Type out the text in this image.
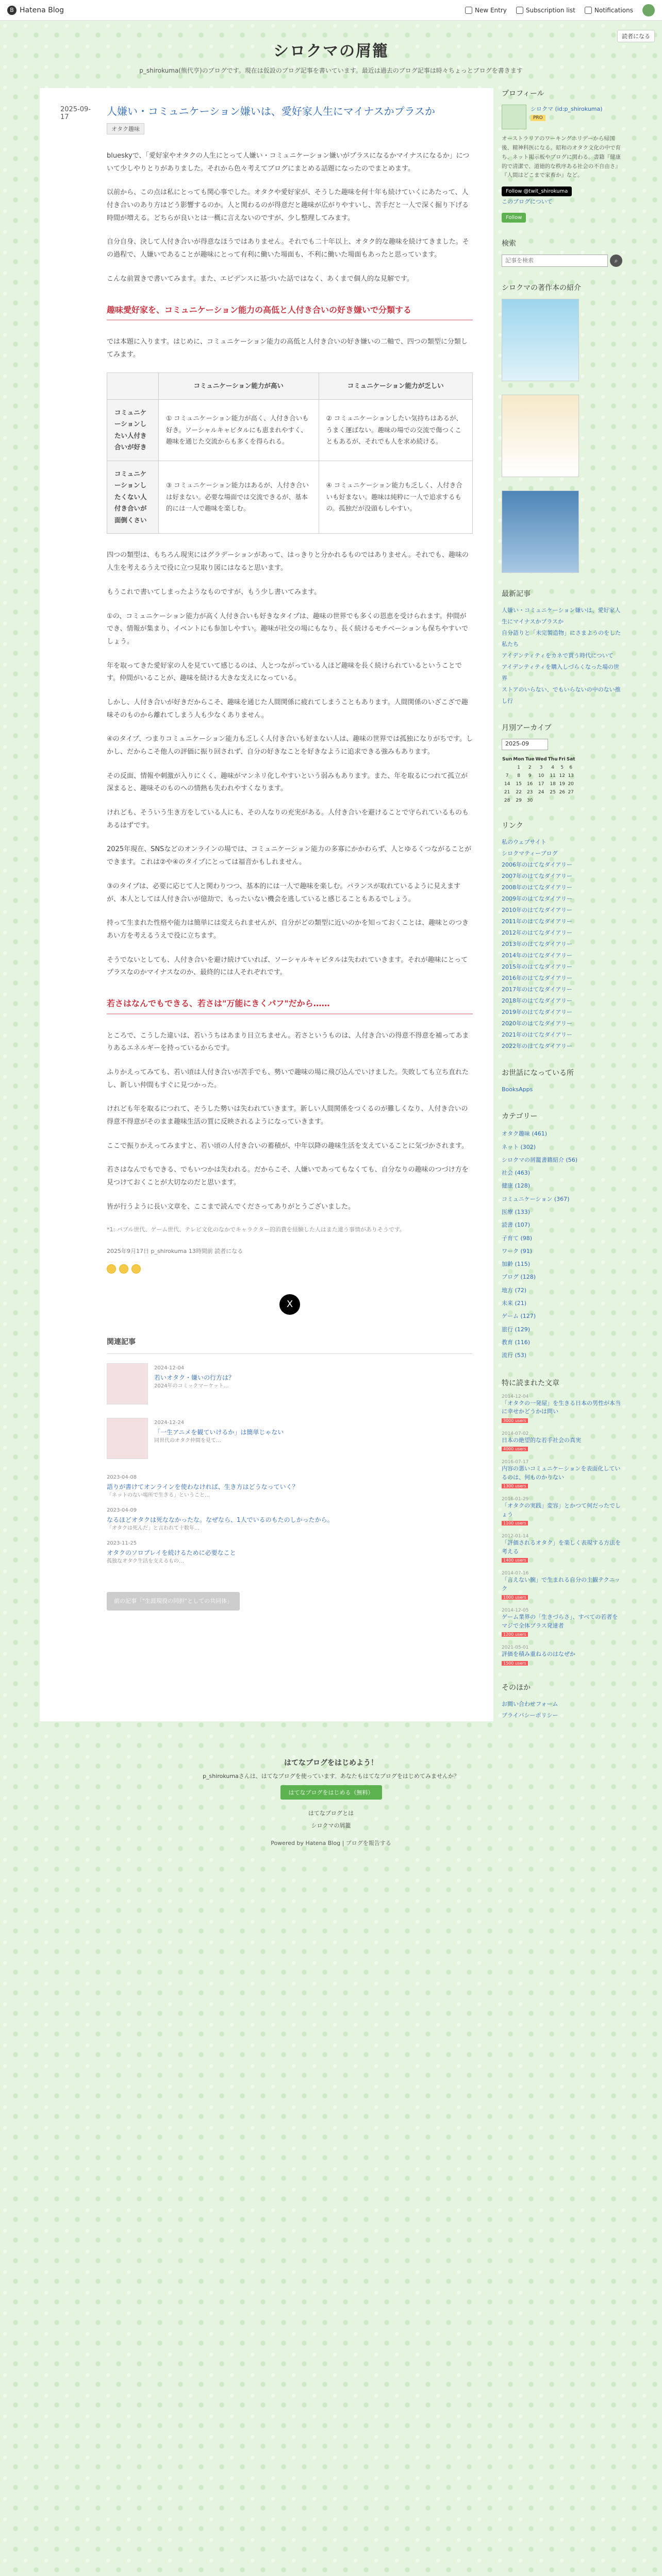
B Hatena Blog	New Entry	Subscription list	Notifications
読者になる
シロクマの屑籠
p_shirokuma(熊代亨)のブログです。現在は仮設のブログ記事を書いています。最近は過去のブログ記事は時々ちょっとブログを書きます
2025-09-17	人嫌い・コミュニケーション嫌いは、愛好家人生にマイナスかプラスか
オタク趣味

blueskyで、「愛好家やオタクの人生にとって人嫌い・コミュニケーション嫌いがプラスになるかマイナスになるか」について少しやりとりがありました。それから色々考えてブログにまとめる話題になったのでまとめます。

以前から、この点は私にとっても関心事でした。オタクや愛好家が、そうした趣味を何十年も続けていくにあたって、人付き合いのあり方はどう影響するのか。人と関わるのが得意だと趣味が広がりやすいし、苦手だと一人で深く掘り下げる時間が増える。どちらが良いとは一概に言えないのですが、少し整理してみます。

自分自身、決して人付き合いが得意なほうではありません。それでも二十年以上、オタク的な趣味を続けてきました。その過程で、人嫌いであることが趣味にとって有利に働いた場面も、不利に働いた場面もあったと思っています。

こんな前置きで書いてみます。また、エビデンスに基づいた話ではなく、あくまで個人的な見解です。

趣味愛好家を、コミュニケーション能力の高低と人付き合いの好き嫌いで分類する

では本題に入ります。はじめに、コミュニケーション能力の高低と人付き合いの好き嫌いの二軸で、四つの類型に分類してみます。

	コミュニケーション能力が高い	コミュニケーション能力が乏しい
コミュニケーションしたい人付き合いが好き	① コミュニケーション能力が高く、人付き合いも好き。ソーシャルキャピタルにも恵まれやすく、趣味を通じた交流からも多くを得られる。	② コミュニケーションしたい気持ちはあるが、うまく運ばない。趣味の場での交流で傷つくこともあるが、それでも人を求め続ける。
コミュニケーションしたくない人付き合いが面倒くさい	③ コミュニケーション能力はあるが、人付き合いは好まない。必要な場面では交流できるが、基本的には一人で趣味を楽しむ。	④ コミュニケーション能力も乏しく、人付き合いも好まない。趣味は純粋に一人で追求するもの。孤独だが没頭もしやすい。

四つの類型は、もちろん現実にはグラデーションがあって、はっきりと分かれるものではありません。それでも、趣味の人生を考えるうえで役に立つ見取り図にはなると思います。

もうこれで書いてしまったようなものですが、もう少し書いてみます。

①の、コミュニケーション能力が高く人付き合いも好きなタイプは、趣味の世界でも多くの恩恵を受けられます。仲間ができ、情報が集まり、イベントにも参加しやすい。趣味が社交の場にもなり、長く続けるモチベーションも保ちやすいでしょう。

年を取ってきた愛好家の人を見ていて感じるのは、人とつながっている人ほど趣味を長く続けられているということです。仲間がいることが、趣味を続ける大きな支えになっている。

しかし、人付き合いが好きだからこそ、趣味を通じた人間関係に疲れてしまうこともあります。人間関係のいざこざで趣味そのものから離れてしまう人も少なくありません。

④のタイプ、つまりコミュニケーション能力も乏しく人付き合いも好まない人は、趣味の世界では孤独になりがちです。しかし、だからこそ他人の評価に振り回されず、自分の好きなことを好きなように追求できる強みもあります。

その反面、情報や刺激が入りにくく、趣味がマンネリ化しやすいという弱みもあります。また、年を取るにつれて孤立が深まると、趣味そのものへの情熱も失われやすくなります。

けれども、そういう生き方をしている人にも、その人なりの充実がある。人付き合いを避けることで守られているものもあるはずです。

2025年現在、SNSなどのオンラインの場では、コミュニケーション能力の多寡にかかわらず、人とゆるくつながることができます。これは②や④のタイプにとっては福音かもしれません。

③のタイプは、必要に応じて人と関わりつつ、基本的には一人で趣味を楽しむ。バランスが取れているように見えますが、本人としては人付き合いが億劫で、もったいない機会を逃していると感じることもあるでしょう。

持って生まれた性格や能力は簡単には変えられませんが、自分がどの類型に近いのかを知っておくことは、趣味とのつきあい方を考えるうえで役に立ちます。

そうでないとしても、人付き合いを避け続けていれば、ソーシャルキャピタルは失われていきます。それが趣味にとってプラスなのかマイナスなのか、最終的には人それぞれです。

若さはなんでもできる、若さは"万能にきくパフ"だから……

ところで、こうした違いは、若いうちはあまり目立ちません。若さというものは、人付き合いの得意不得意を補ってあまりあるエネルギーを持っているからです。

ふりかえってみても、若い頃は人付き合いが苦手でも、勢いで趣味の場に飛び込んでいけました。失敗しても立ち直れたし、新しい仲間もすぐに見つかった。

けれども年を取るにつれて、そうした勢いは失われていきます。新しい人間関係をつくるのが難しくなり、人付き合いの得意不得意がそのまま趣味生活の質に反映されるようになっていきます。

ここで振りかえってみますと、若い頃の人付き合いの蓄積が、中年以降の趣味生活を支えていることに気づかされます。

若さはなんでもできる、でもいつかは失われる。だからこそ、人嫌いであってもなくても、自分なりの趣味のつづけ方を見つけておくことが大切なのだと思います。

皆が行うように長い文章を、ここまで読んでくださってありがとうございました。

*1: バブル世代、ゲーム世代、テレビ文化のなかでキャラクター的消費を経験した人はまた違う事情がありそうです。

2025年9月17日 p_shirokuma 13時間前 読者になる
X
関連記事
2024-12-04
若いオタク・嫌いの行方は？
2024年のコミックマーケット…
2024-12-24
「一生アニメを観ていけるか」は簡単じゃない
同世代のオタク仲間を見て…
2023-04-08
語りが書けてオンラインを使わなければ、生き方はどうなっていく？
「ネットのない場所で生きる」ということ…
2023-04-09
なるほどオタクは死ななかったな。なぜなら、1人でいるのもたのしかったから。
「オタクは死んだ」と言われて十数年…
2023-11-25
オタクのソロプレイを続けるために必要なこと
孤独なオタク生活を支えるもの…
前の記事「"生涯現役の同担"としての共同体」
プロフィール
シロクマ (id:p_shirokuma)
PRO
オーストラリアのワーキングホリデーから帰国後、精神科医になる。昭和のオタク文化の中で育ち、ネット掲示板やブログに関わる。書籍『健康的で清潔で、道徳的な秩序ある社会の不自由さ』『人間はどこまで家畜か』など。
Follow @twit_shirokuma
このブログについて
Follow
検索
記事を検索
⌕
シロクマの著作本の紹介
最新記事
人嫌い・コミュニケーション嫌いは、愛好家人生にマイナスかプラスか
自分語りと「未完製造物」にさまようのをした私たち
アイデンティティをカネで買う時代について
アイデンティティを購入しづらくなった場の世界
ストアのいらない、でもいらないの中のない推し行
月別アーカイブ
2025-09
Sun	Mon	Tue	Wed	Thu	Fri	Sat
	1	2	3	4	5	6
7	8	9	10	11	12	13
14	15	16	17	18	19	20
21	22	23	24	25	26	27
28	29	30				
リンク
私のウェブサイト
シロクマティーブログ
2006年のはてなダイアリー
2007年のはてなダイアリー
2008年のはてなダイアリー
2009年のはてなダイアリー
2010年のはてなダイアリー
2011年のはてなダイアリー
2012年のはてなダイアリー
2013年のはてなダイアリー
2014年のはてなダイアリー
2015年のはてなダイアリー
2016年のはてなダイアリー
2017年のはてなダイアリー
2018年のはてなダイアリー
2019年のはてなダイアリー
2020年のはてなダイアリー
2021年のはてなダイアリー
2022年のはてなダイアリー
お世話になっている所
BooksApps
カテゴリー
オタク趣味 (461)
ネット (302)
シロクマの屑籠書籍紹介 (56)
社会 (463)
健康 (128)
コミュニケーション (367)
医療 (133)
読書 (107)
子育て (98)
ワーク (91)
加齢 (115)
ブログ (128)
地方 (72)
未来 (21)
ゲーム (127)
旅行 (129)
教育 (116)
流行 (53)
特に読まれた文章
2014-12-04
「オタクの一発屋」を生きる日本の男性が本当に幸せかどうかは問い
3000 users
2014-07-02
日本の絶望的な若手社会の真実
4000 users
2016-07-17
内容の悪いコミュニケーションを表面化しているのは、何ものかりない
1300 users
2016-01-29
「オタクの実践」変容」とかつて何だったでしょう
1100 users
2012-01-14
「評価されるオタク」を楽しく表現する方法を考える
1400 users
2014-07-16
「言えない腕」で生まれる自分の主観テクニック
1000 users
2014-12-05
ゲーム業界の「生きづらさ」、すべての若者をマジで全体プラス発達者
1200 users
2021-05-01
評価を積み重ねるのはなぜか
1500 users
そのほか
お問い合わせフォーム
プライバシーポリシー
はてなブログをはじめよう！
p_shirokumaさんは、はてなブログを使っています。あなたもはてなブログをはじめてみませんか？
はてなブログをはじめる（無料）
はてなブログとは
シロクマの屑籠
Powered by Hatena Blog | ブログを報告する
